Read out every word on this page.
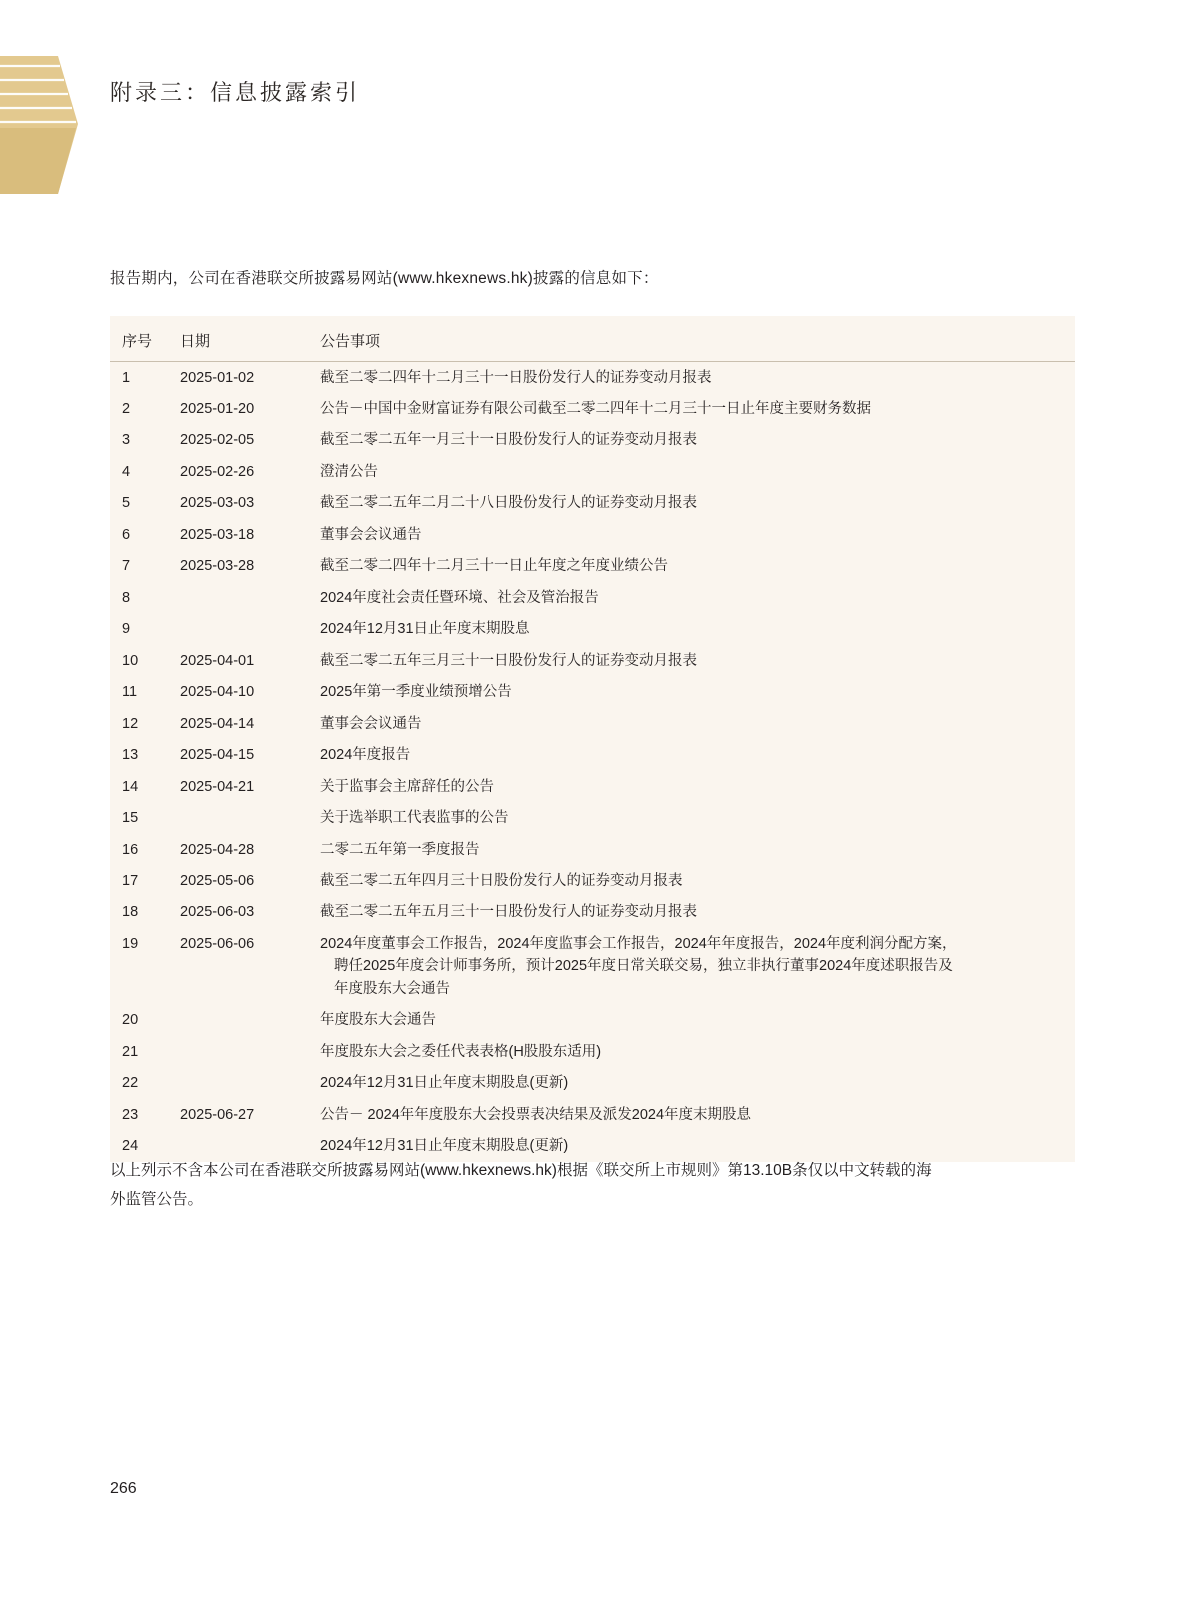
附录三：信息披露索引
报告期内，公司在香港联交所披露易网站(www.hkexnews.hk)披露的信息如下：
序号	日期	公告事项
1	2025-01-02	截至二零二四年十二月三十一日股份发行人的证券变动月报表
2	2025-01-20	公告－中国中金财富证券有限公司截至二零二四年十二月三十一日止年度主要财务数据
3	2025-02-05	截至二零二五年一月三十一日股份发行人的证券变动月报表
4	2025-02-26	澄清公告
5	2025-03-03	截至二零二五年二月二十八日股份发行人的证券变动月报表
6	2025-03-18	董事会会议通告
7	2025-03-28	截至二零二四年十二月三十一日止年度之年度业绩公告
8		2024年度社会责任暨环境、社会及管治报告
9		2024年12月31日止年度末期股息
10	2025-04-01	截至二零二五年三月三十一日股份发行人的证券变动月报表
11	2025-04-10	2025年第一季度业绩预增公告
12	2025-04-14	董事会会议通告
13	2025-04-15	2024年度报告
14	2025-04-21	关于监事会主席辞任的公告
15		关于选举职工代表监事的公告
16	2025-04-28	二零二五年第一季度报告
17	2025-05-06	截至二零二五年四月三十日股份发行人的证券变动月报表
18	2025-06-03	截至二零二五年五月三十一日股份发行人的证券变动月报表
19	2025-06-06	2024年度董事会工作报告，2024年度监事会工作报告，2024年年度报告，2024年度利润分配方案，
聘任2025年度会计师事务所，预计2025年度日常关联交易，独立非执行董事2024年度述职报告及
年度股东大会通告

20		年度股东大会通告
21		年度股东大会之委任代表表格(H股股东适用)
22		2024年12月31日止年度末期股息(更新)
23	2025-06-27	公告－ 2024年年度股东大会投票表决结果及派发2024年度末期股息
24		2024年12月31日止年度末期股息(更新)
以上列示不含本公司在香港联交所披露易网站(www.hkexnews.hk)根据《联交所上市规则》第13.10B条仅以中文转载的海
外监管公告。
266
